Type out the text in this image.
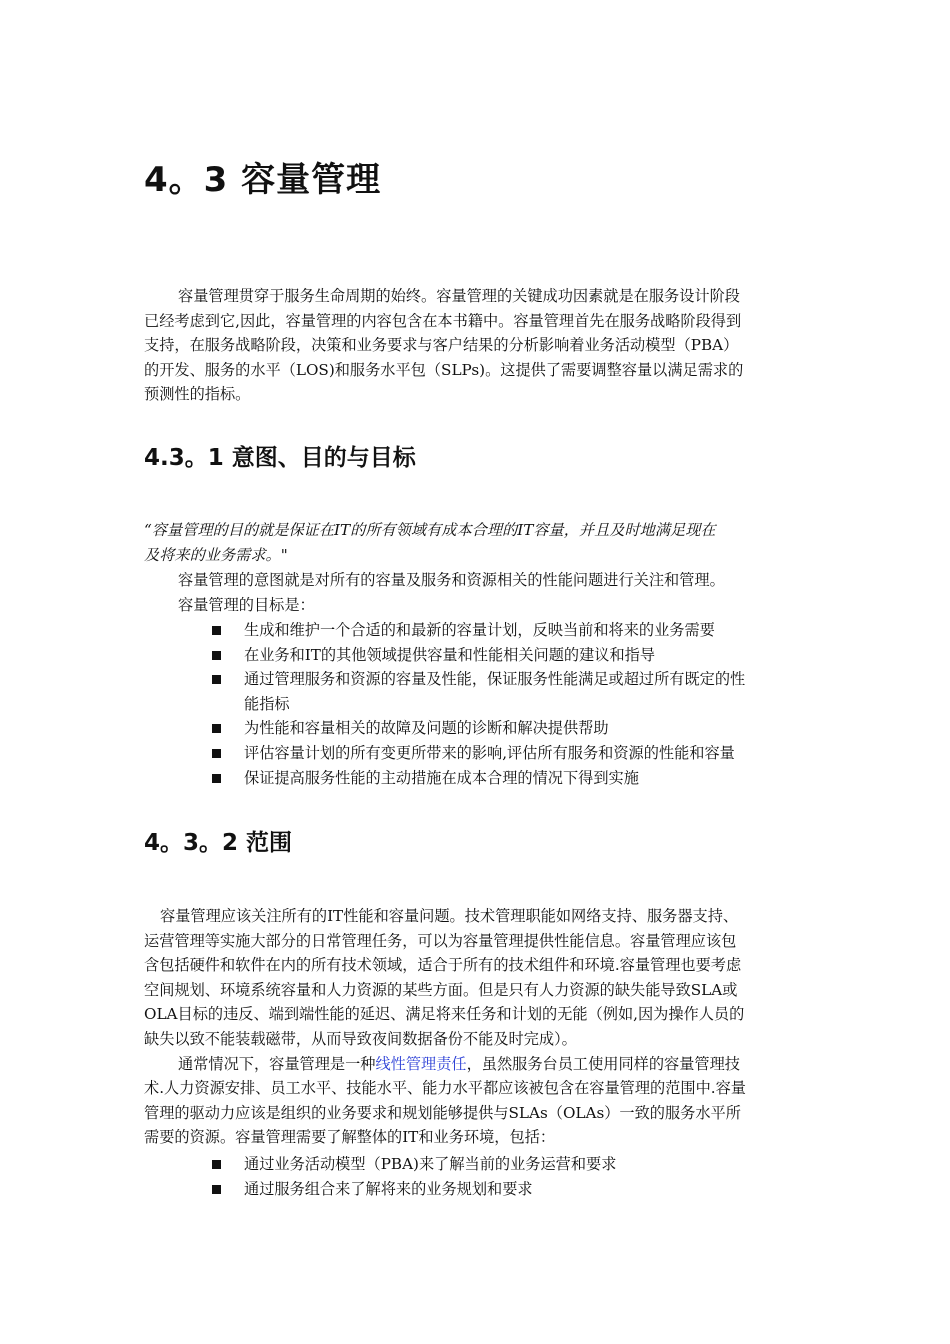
4。3 容量管理
容量管理贯穿于服务生命周期的始终。容量管理的关键成功因素就是在服务设计阶段
已经考虑到它,因此，容量管理的内容包含在本书籍中。容量管理首先在服务战略阶段得到
支持，在服务战略阶段，决策和业务要求与客户结果的分析影响着业务活动模型（PBA）
的开发、服务的水平（LOS)和服务水平包（SLPs)。这提供了需要调整容量以满足需求的
预测性的指标。
4.3。1 意图、目的与目标
“容量管理的目的就是保证在IT的所有领域有成本合理的IT容量，并且及时地满足现在
及将来的业务需求。"
容量管理的意图就是对所有的容量及服务和资源相关的性能问题进行关注和管理。
容量管理的目标是：
生成和维护一个合适的和最新的容量计划，反映当前和将来的业务需要
在业务和IT的其他领域提供容量和性能相关问题的建议和指导
通过管理服务和资源的容量及性能，保证服务性能满足或超过所有既定的性
能指标
为性能和容量相关的故障及问题的诊断和解决提供帮助
评估容量计划的所有变更所带来的影响,评估所有服务和资源的性能和容量
保证提高服务性能的主动措施在成本合理的情况下得到实施
4。3。2 范围
容量管理应该关注所有的IT性能和容量问题。技术管理职能如网络支持、服务器支持、
运营管理等实施大部分的日常管理任务，可以为容量管理提供性能信息。容量管理应该包
含包括硬件和软件在内的所有技术领域，适合于所有的技术组件和环境.容量管理也要考虑
空间规划、环境系统容量和人力资源的某些方面。但是只有人力资源的缺失能导致SLA或
OLA目标的违反、端到端性能的延迟、满足将来任务和计划的无能（例如,因为操作人员的
缺失以致不能装载磁带，从而导致夜间数据备份不能及时完成）。
通常情况下，容量管理是一种线性管理责任，虽然服务台员工使用同样的容量管理技
术.人力资源安排、员工水平、技能水平、能力水平都应该被包含在容量管理的范围中.容量
管理的驱动力应该是组织的业务要求和规划能够提供与SLAs（OLAs）一致的服务水平所
需要的资源。容量管理需要了解整体的IT和业务环境，包括：
通过业务活动模型（PBA)来了解当前的业务运营和要求
通过服务组合来了解将来的业务规划和要求
